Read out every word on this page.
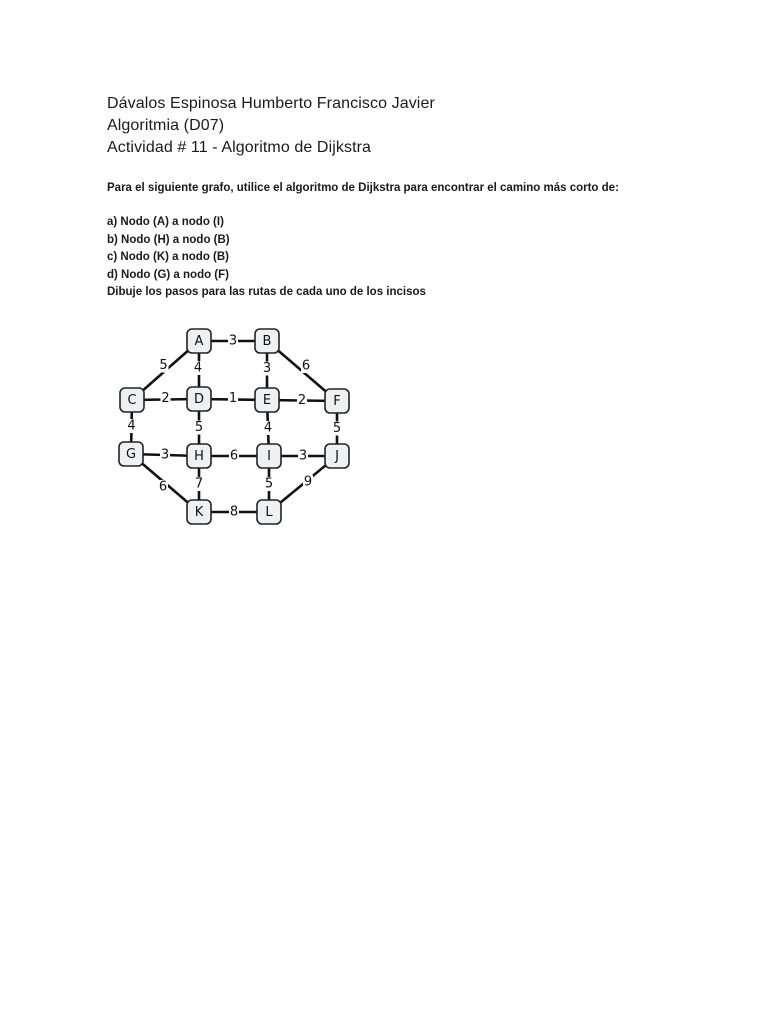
Dávalos Espinosa Humberto Francisco Javier
Algoritmia (D07)
Actividad # 11 - Algoritmo de Dijkstra
Para el siguiente grafo, utilice el algoritmo de Dijkstra para encontrar el camino más corto de:
a) Nodo (A) a nodo (I)
b) Nodo (H) a nodo (B)
c) Nodo (K) a nodo (B)
d) Nodo (G) a nodo (F)
Dibuje los pasos para las rutas de cada uno de los incisos
3
5 4	3 6
2
4
1
5
2
4	5
3
6
6
7
3
5 9
8
A	B
C	D	E	F
G	H	I	J
K	L
